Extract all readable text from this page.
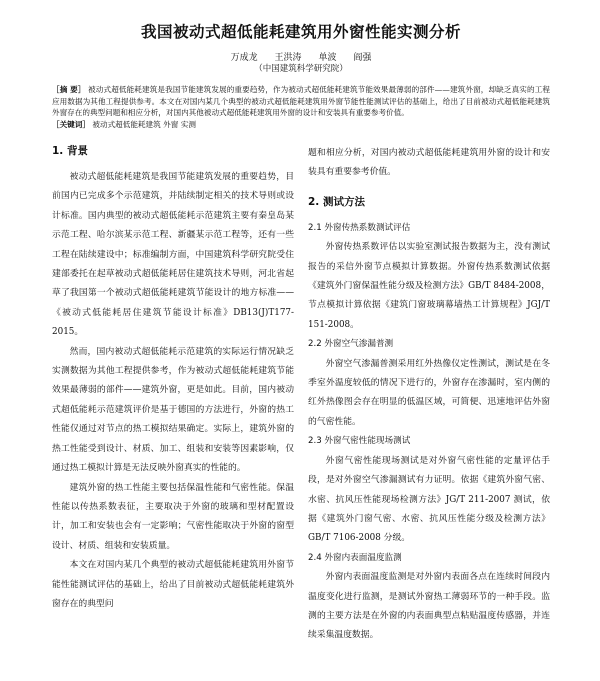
我国被动式超低能耗建筑用外窗性能实测分析

万成龙 王洪涛 单波 阎强

（中国建筑科学研究院）

［摘 要］ 被动式超低能耗建筑是我国节能建筑发展的重要趋势，作为被动式超低能耗建筑节能效果最薄弱的部件——建筑外窗，却缺乏真实的工程应用数据为其他工程提供参考。本文在对国内某几个典型的被动式超低能耗建筑用外窗节能性能测试评估的基础上，给出了目前被动式超低能耗建筑外窗存在的典型问题和相应分析，对国内其他被动式超低能耗建筑用外窗的设计和安装具有重要参考价值。

［关键词］ 被动式超低能耗建筑 外窗 实测

1. 背景

被动式超低能耗建筑是我国节能建筑发展的重要趋势，目前国内已完成多个示范建筑，并陆续制定相关的技术导则或设计标准。国内典型的被动式超低能耗示范建筑主要有秦皇岛某示范工程、哈尔滨某示范工程、新疆某示范工程等，还有一些工程在陆续建设中；标准编制方面，中国建筑科学研究院受住建部委托在起草被动式超低能耗居住建筑技术导则，河北省起草了我国第一个被动式超低能耗建筑节能设计的地方标准——《被动式低能耗居住建筑节能设计标准》DB13(J)T177-2015。

然而，国内被动式超低能耗示范建筑的实际运行情况缺乏实测数据为其他工程提供参考，作为被动式超低能耗建筑节能效果最薄弱的部件——建筑外窗，更是如此。目前，国内被动式超低能耗示范建筑评价是基于德国的方法进行，外窗的热工性能仅通过对节点的热工模拟结果确定。实际上，建筑外窗的热工性能受到设计、材质、加工、组装和安装等因素影响，仅通过热工模拟计算是无法反映外窗真实的性能的。

建筑外窗的热工性能主要包括保温性能和气密性能。保温性能以传热系数表征，主要取决于外窗的玻璃和型材配置设计，加工和安装也会有一定影响；气密性能取决于外窗的窗型设计、材质、组装和安装质量。

本文在对国内某几个典型的被动式超低能耗建筑用外窗节能性能测试评估的基础上，给出了目前被动式超低能耗建筑外窗存在的典型问

题和相应分析，对国内被动式超低能耗建筑用外窗的设计和安装具有重要参考价值。

2. 测试方法
2.1 外窗传热系数测试评估

外窗传热系数评估以实验室测试报告数据为主，没有测试报告的采信外窗节点模拟计算数据。外窗传热系数测试依据《建筑外门窗保温性能分级及检测方法》GB/T 8484-2008，节点模拟计算依据《建筑门窗玻璃幕墙热工计算规程》JGJ/T 151-2008。

2.2 外窗空气渗漏普测

外窗空气渗漏普测采用红外热像仪定性测试，测试是在冬季室外温度较低的情况下进行的，外窗存在渗漏时，室内侧的红外热像图会存在明显的低温区域，可简便、迅速地评估外窗的气密性能。

2.3 外窗气密性能现场测试

外窗气密性能现场测试是对外窗气密性能的定量评估手段，是对外窗空气渗漏测试有力证明。依据《建筑外窗气密、水密、抗风压性能现场检测方法》JG/T 211-2007 测试，依据《建筑外门窗气密、水密、抗风压性能分级及检测方法》GB/T 7106-2008 分级。

2.4 外窗内表面温度监测

外窗内表面温度监测是对外窗内表面各点在连续时间段内温度变化进行监测，是测试外窗热工薄弱环节的一种手段。监测的主要方法是在外窗的内表面典型点粘贴温度传感器，并连续采集温度数据。
